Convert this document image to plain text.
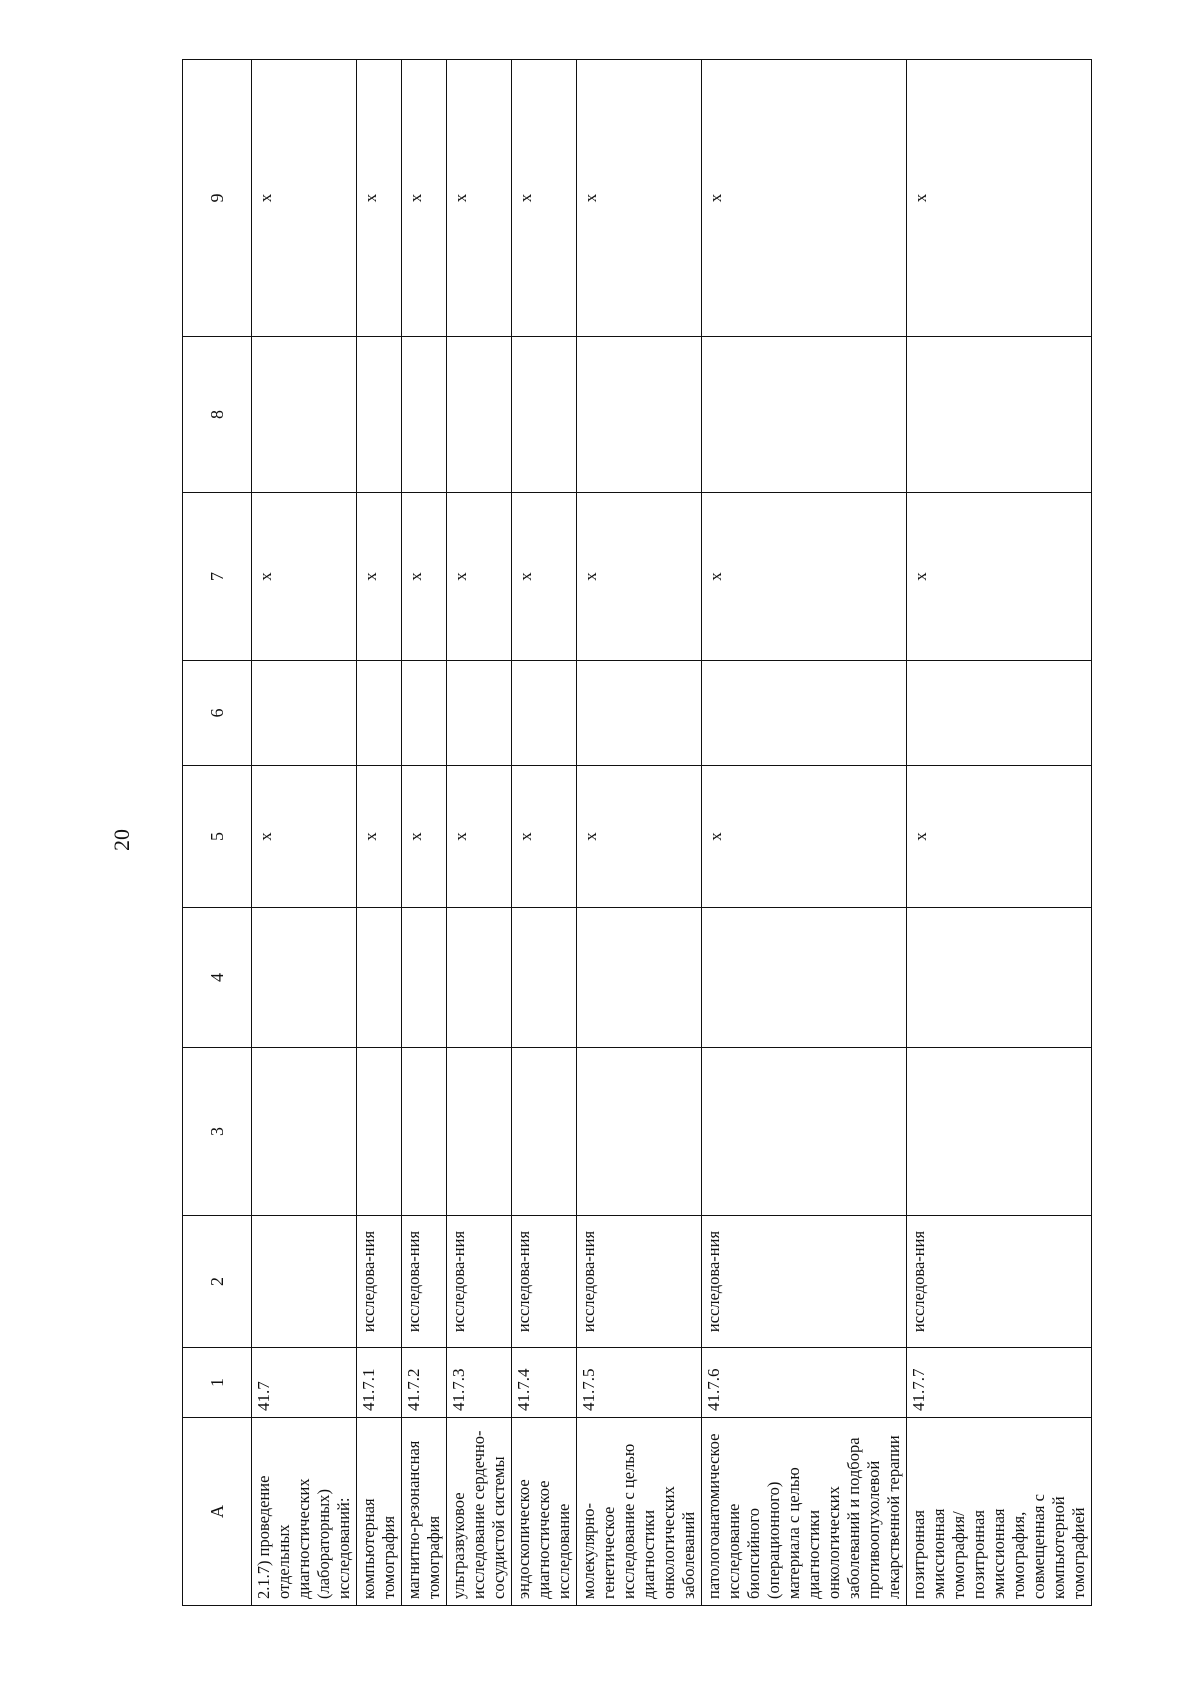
20
A	1	2	3	4	5	6	7	8	9
2.1.7) проведение отдельных диагностических (лабораторных) исследований:	41.7				х		х		х
компьютерная томография	41.7.1	исследова-ния			х		х		х
магнитно-резонансная томография	41.7.2	исследова-ния			х		х		х
ультразвуковое исследование сердечно-сосудистой системы	41.7.3	исследова-ния			х		х		х
эндоскопическое диагностическое исследование	41.7.4	исследова-ния			х		х		х
молекулярно-генетическое исследование с целью диагностики онкологических заболеваний	41.7.5	исследова-ния			х		х		х
патологоанатомическое исследование биопсийного (операционного) материала с целью диагностики онкологических заболеваний и подбора противоопухолевой лекарственной терапии	41.7.6	исследова-ния			х		х		х
позитронная эмиссионная томография/позитронная эмиссионная томография, совмещенная с компьютерной томографией	41.7.7	исследова-ния			х		х		х
